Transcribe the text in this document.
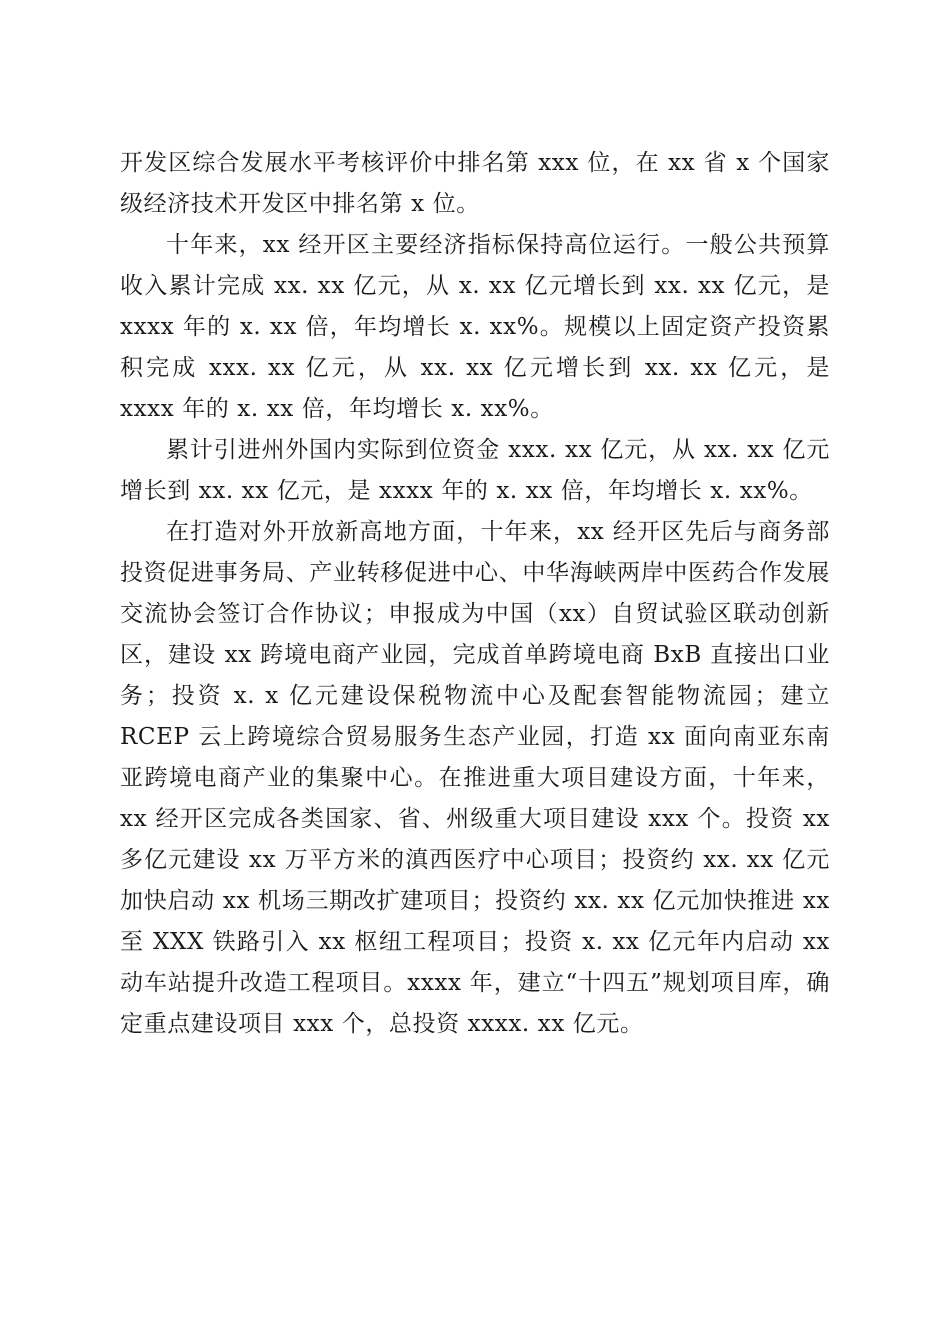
开发区综合发展水平考核评价中排名第 xxx 位，在 xx 省 x 个国家级经济技术开发区中排名第 x 位。

十年来，xx 经开区主要经济指标保持高位运行。一般公共预算收入累计完成 xx. xx 亿元，从 x. xx 亿元增长到 xx. xx 亿元，是 xxxx 年的 x. xx 倍，年均增长 x. xx%。规模以上固定资产投资累积完成 xxx. xx 亿元，从 xx. xx 亿元增长到 xx. xx 亿元，是 xxxx 年的 x. xx 倍，年均增长 x. xx%。

累计引进州外国内实际到位资金 xxx. xx 亿元，从 xx. xx 亿元增长到 xx. xx 亿元，是 xxxx 年的 x. xx 倍，年均增长 x. xx%。

在打造对外开放新高地方面，十年来，xx 经开区先后与商务部投资促进事务局、产业转移促进中心、中华海峡两岸中医药合作发展交流协会签订合作协议；申报成为中国（xx）自贸试验区联动创新区，建设 xx 跨境电商产业园，完成首单跨境电商 BxB 直接出口业务；投资 x. x 亿元建设保税物流中心及配套智能物流园；建立 RCEP 云上跨境综合贸易服务生态产业园，打造 xx 面向南亚东南亚跨境电商产业的集聚中心。在推进重大项目建设方面，十年来，xx 经开区完成各类国家、省、州级重大项目建设 xxx 个。投资 xx 多亿元建设 xx 万平方米的滇西医疗中心项目；投资约 xx. xx 亿元加快启动 xx 机场三期改扩建项目；投资约 xx. xx 亿元加快推进 xx 至 XXX 铁路引入 xx 枢纽工程项目；投资 x. xx 亿元年内启动 xx 动车站提升改造工程项目。xxxx 年，建立“十四五”规划项目库，确定重点建设项目 xxx 个，总投资 xxxx. xx 亿元。
